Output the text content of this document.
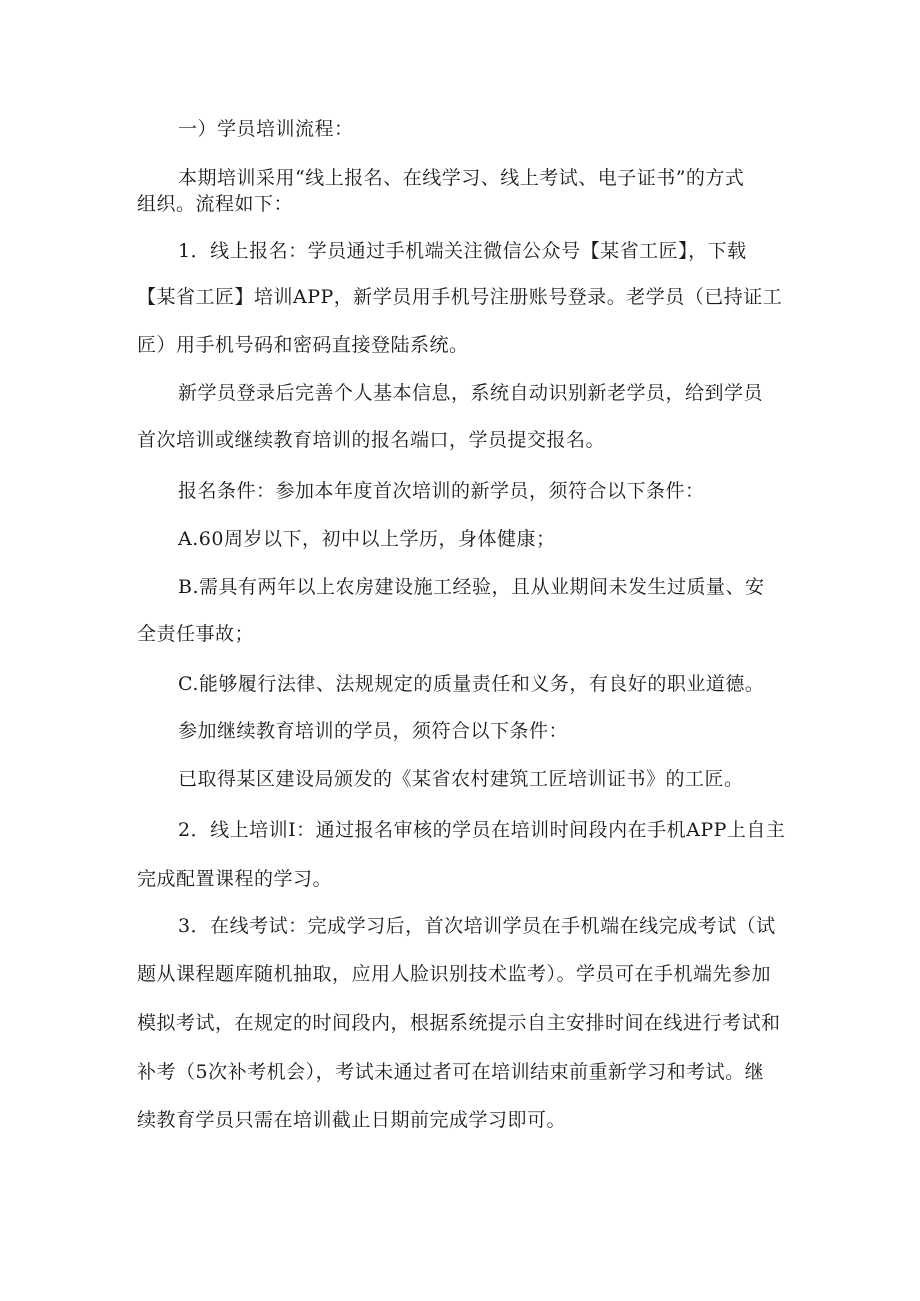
一）学员培训流程：
本期培训采用“线上报名、在线学习、线上考试、电子证书”的方式
组织。流程如下：
1．线上报名：学员通过手机端关注微信公众号【某省工匠】，下载
【某省工匠】培训APP，新学员用手机号注册账号登录。老学员（已持证工
匠）用手机号码和密码直接登陆系统。
新学员登录后完善个人基本信息，系统自动识别新老学员，给到学员
首次培训或继续教育培训的报名端口，学员提交报名。
报名条件：参加本年度首次培训的新学员，须符合以下条件：
A.60周岁以下，初中以上学历，身体健康；
B.需具有两年以上农房建设施工经验，且从业期间未发生过质量、安
全责任事故；
C.能够履行法律、法规规定的质量责任和义务，有良好的职业道德。
参加继续教育培训的学员，须符合以下条件：
已取得某区建设局颁发的《某省农村建筑工匠培训证书》的工匠。
2．线上培训I：通过报名审核的学员在培训时间段内在手机APP上自主
完成配置课程的学习。
3．在线考试：完成学习后，首次培训学员在手机端在线完成考试（试
题从课程题库随机抽取，应用人脸识别技术监考）。学员可在手机端先参加
模拟考试，在规定的时间段内，根据系统提示自主安排时间在线进行考试和
补考（5次补考机会），考试未通过者可在培训结束前重新学习和考试。继
续教育学员只需在培训截止日期前完成学习即可。
